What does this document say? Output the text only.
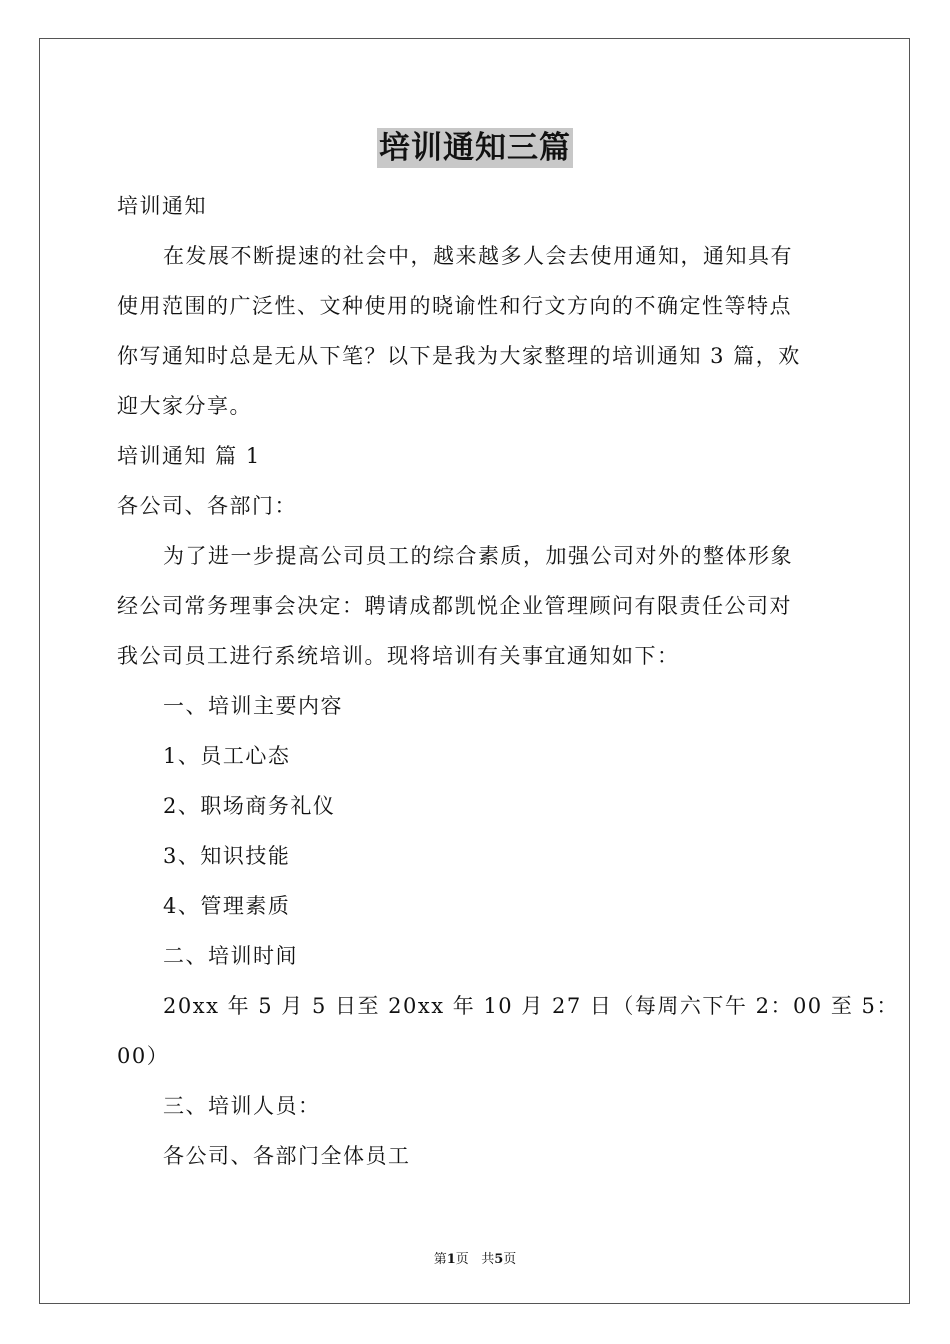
培训通知三篇

培训通知

在发展不断提速的社会中，越来越多人会去使用通知，通知具有

使用范围的广泛性、文种使用的晓谕性和行文方向的不确定性等特点

你写通知时总是无从下笔？以下是我为大家整理的培训通知 3 篇，欢

迎大家分享。

培训通知 篇 1

各公司、各部门：

为了进一步提高公司员工的综合素质，加强公司对外的整体形象

经公司常务理事会决定：聘请成都凯悦企业管理顾问有限责任公司对

我公司员工进行系统培训。现将培训有关事宜通知如下：

一、培训主要内容

1、员工心态

2、职场商务礼仪

3、知识技能

4、管理素质

二、培训时间

20xx 年 5 月 5 日至 20xx 年 10 月 27 日（每周六下午 2：00 至 5：

00）

三、培训人员：

各公司、各部门全体员工

第1页 共5页
